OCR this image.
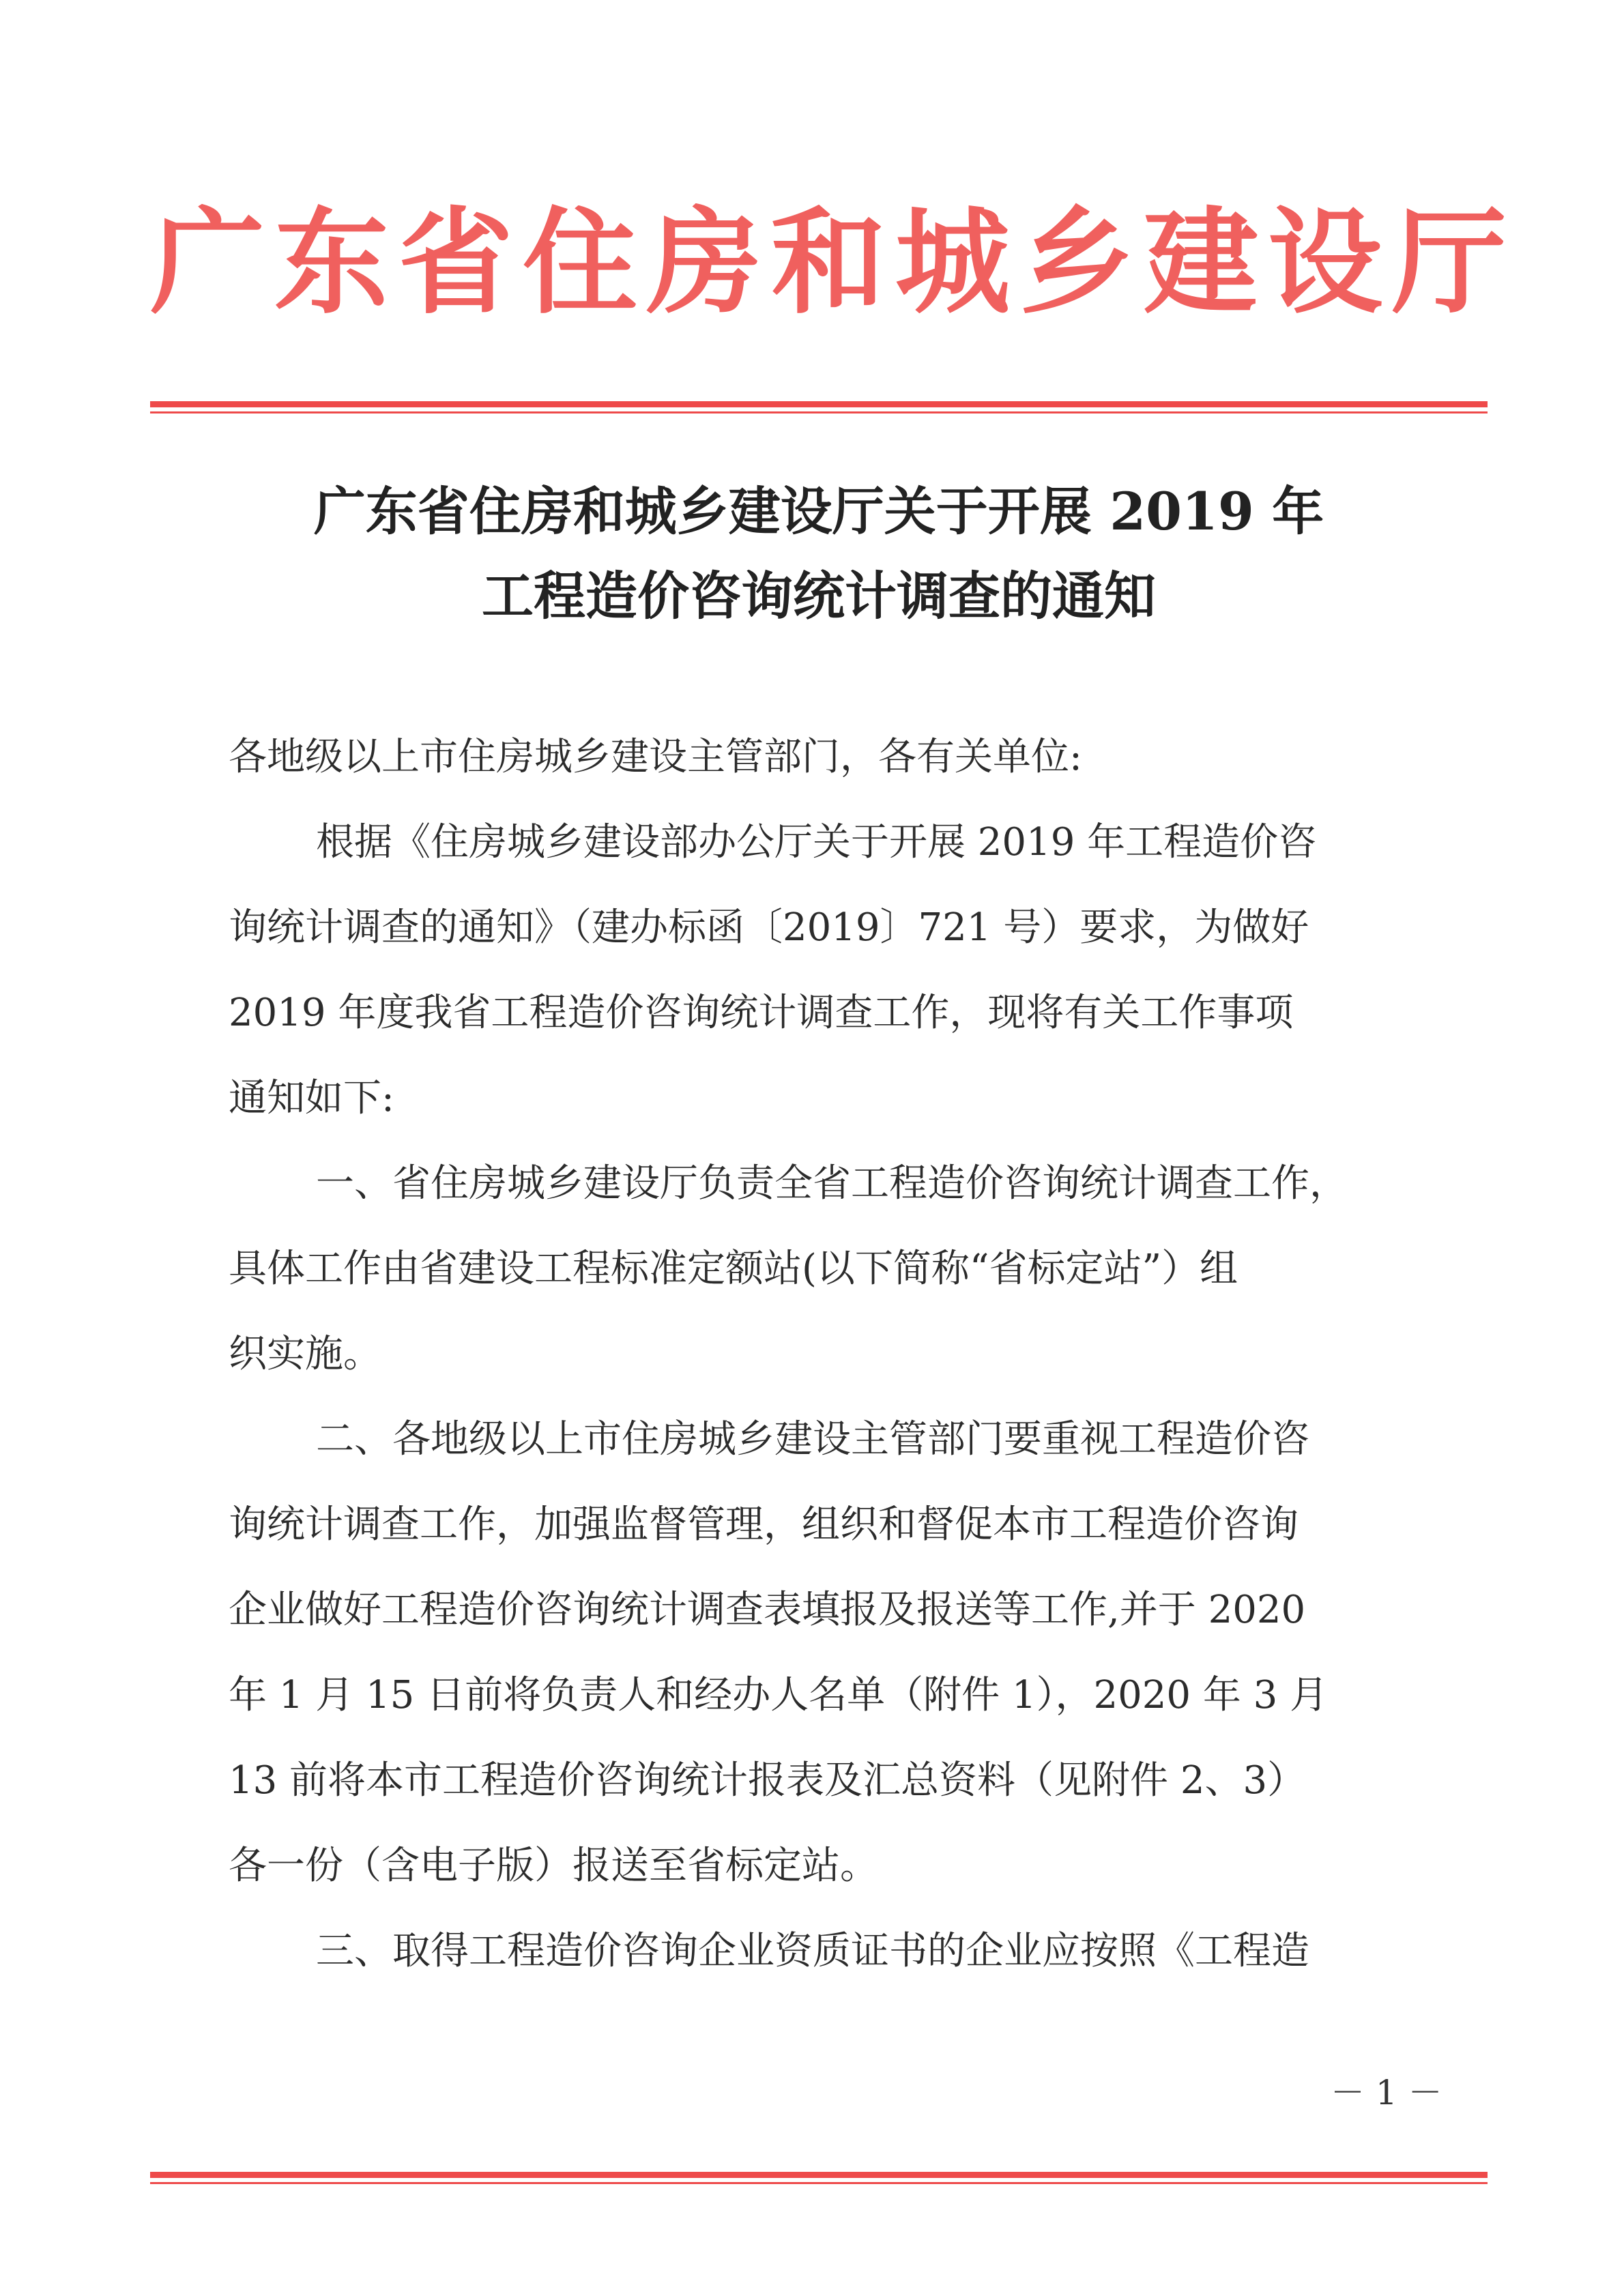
广东省住房和城乡建设厅
广东省住房和城乡建设厅关于开展 2019 年
工程造价咨询统计调查的通知
各地级以上市住房城乡建设主管部门，各有关单位:
根据《住房城乡建设部办公厅关于开展 2019 年工程造价咨
询统计调查的通知》（建办标函〔2019〕721 号）要求，为做好
2019 年度我省工程造价咨询统计调查工作，现将有关工作事项
通知如下:
一、省住房城乡建设厅负责全省工程造价咨询统计调查工作，
具体工作由省建设工程标准定额站(以下简称“省标定站”）组
织实施。
二、各地级以上市住房城乡建设主管部门要重视工程造价咨
询统计调查工作，加强监督管理，组织和督促本市工程造价咨询
企业做好工程造价咨询统计调查表填报及报送等工作,并于 2020
年 1 月 15 日前将负责人和经办人名单（附件 1），2020 年 3 月
13 前将本市工程造价咨询统计报表及汇总资料（见附件 2、3）
各一份（含电子版）报送至省标定站。
三、取得工程造价咨询企业资质证书的企业应按照《工程造
－ 1 －
